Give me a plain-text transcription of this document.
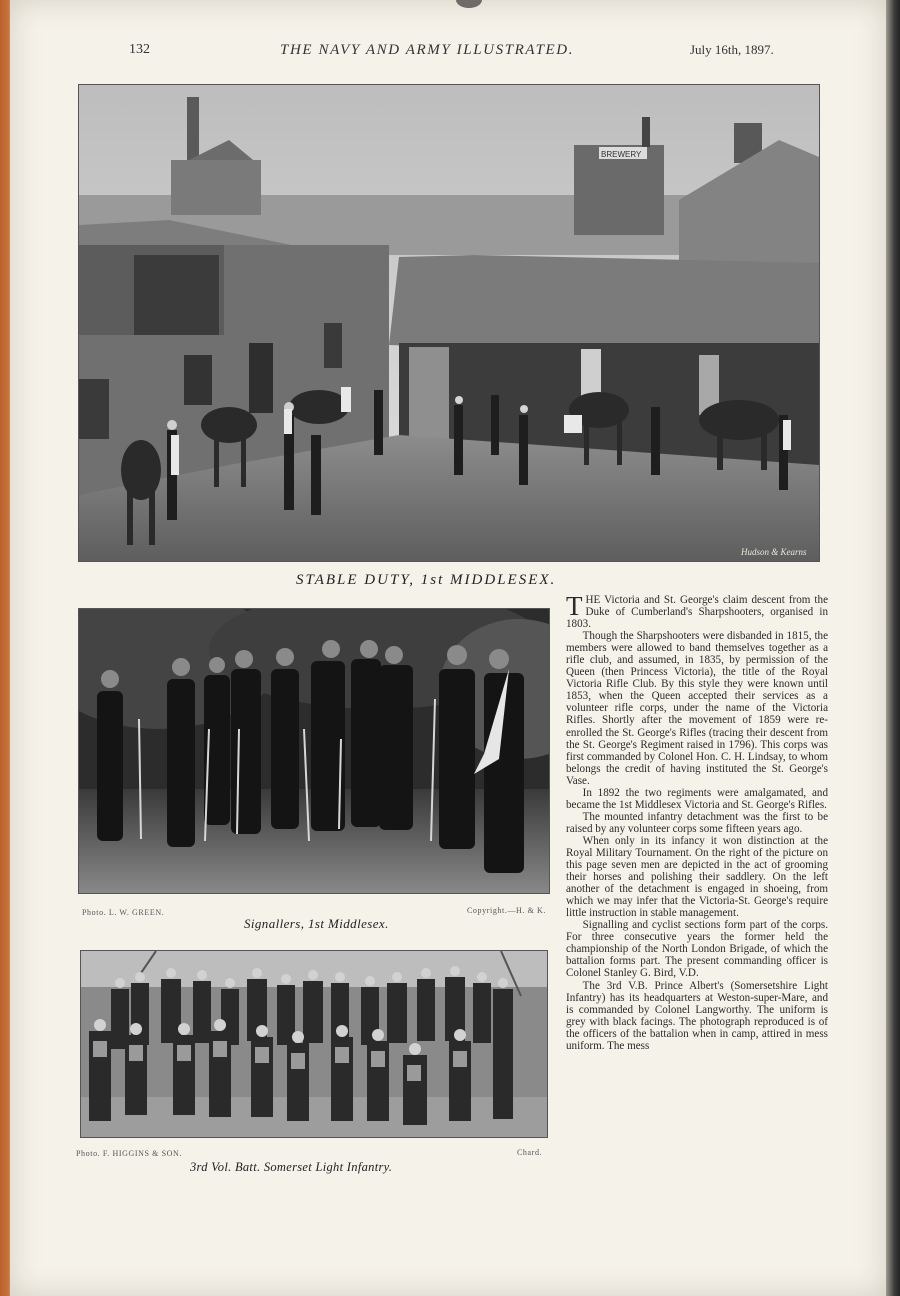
132	THE NAVY AND ARMY ILLUSTRATED.	July 16th, 1897.
Hudson & Kearns
BREWERY
STABLE DUTY, 1st MIDDLESEX.
Photo. L. W. GREEN.	Copyright.—H. & K.
Signallers, 1st Middlesex.
Photo. F. HIGGINS & SON.	Chard.
3rd Vol. Batt. Somerset Light Infantry.

THE Victoria and St. George's claim descent from the Duke of Cumberland's Sharpshooters, organised in 1803.

Though the Sharpshooters were disbanded in 1815, the members were allowed to band themselves together as a rifle club, and assumed, in 1835, by permission of the Queen (then Princess Victoria), the title of the Royal Victoria Rifle Club. By this style they were known until 1853, when the Queen accepted their services as a volunteer rifle corps, under the name of the Victoria Rifles. Shortly after the movement of 1859 were re-enrolled the St. George's Rifles (tracing their descent from the St. George's Regiment raised in 1796). This corps was first commanded by Colonel Hon. C. H. Lindsay, to whom belongs the credit of having instituted the St. George's Vase.

In 1892 the two regiments were amalgamated, and became the 1st Middlesex Victoria and St. George's Rifles.

The mounted infantry detachment was the first to be raised by any volunteer corps some fifteen years ago.

When only in its infancy it won distinction at the Royal Military Tournament. On the right of the picture on this page seven men are depicted in the act of grooming their horses and polishing their saddlery. On the left another of the detachment is engaged in shoeing, from which we may infer that the Victoria-St. George's require little instruction in stable management.

Signalling and cyclist sections form part of the corps. For three consecutive years the former held the championship of the North London Brigade, of which the battalion forms part. The present commanding officer is Colonel Stanley G. Bird, V.D.

The 3rd V.B. Prince Albert's (Somersetshire Light Infantry) has its headquarters at Weston-super-Mare, and is commanded by Colonel Langworthy. The uniform is grey with black facings. The photograph reproduced is of the officers of the battalion when in camp, attired in mess uniform. The mess
